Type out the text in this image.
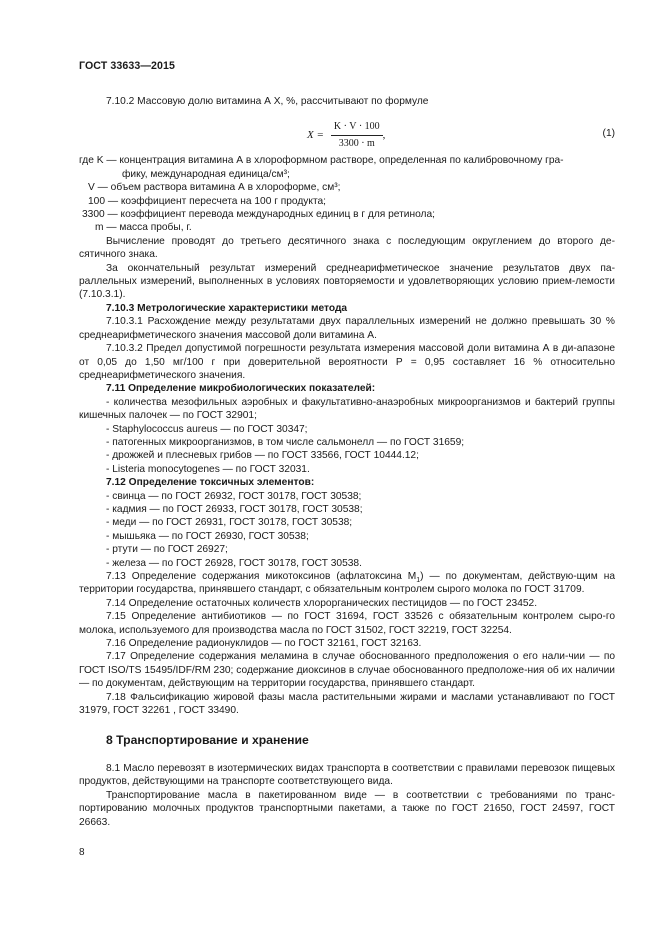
ГОСТ 33633—2015

7.10.2 Массовую долю витамина А X, %, рассчитывают по формуле

$X = \frac{K \cdot V \cdot 100}{3300 \cdot m}$ ,	(1)
где K —
концентрация витамина А в хлороформном растворе, определенная по калибровочному гра-

фику, международная единица/см³;

V —
объем раствора витамина А в хлороформе, см³;
100 —
коэффициент пересчета на 100 г продукта;
3300 —
коэффициент перевода международных единиц в г для ретинола;
m —
масса пробы, г.

Вычисление проводят до третьего десятичного знака с последующим округлением до второго де-сятичного знака.

За окончательный результат измерений среднеарифметическое значение результатов двух па-раллельных измерений, выполненных в условиях повторяемости и удовлетворяющих условию прием-лемости (7.10.3.1).

7.10.3 Метрологические характеристики метода

7.10.3.1 Расхождение между результатами двух параллельных измерений не должно превышать 30 % среднеарифметического значения массовой доли витамина А.

7.10.3.2 Предел допустимой погрешности результата измерения массовой доли витамина А в ди-апазоне от 0,05 до 1,50 мг/100 г при доверительной вероятности Р = 0,95 составляет 16 % относительно среднеарифметического значения.

7.11 Определение микробиологических показателей:

- количества мезофильных аэробных и факультативно-анаэробных микроорганизмов и бактерий группы кишечных палочек — по ГОСТ 32901;

- Staphylococcus aureus — по ГОСТ 30347;

- патогенных микроорганизмов, в том числе сальмонелл — по ГОСТ 31659;

- дрожжей и плесневых грибов — по ГОСТ 33566, ГОСТ 10444.12;

- Listeria monocytogenes — по ГОСТ 32031.

7.12 Определение токсичных элементов:

- свинца — по ГОСТ 26932, ГОСТ 30178, ГОСТ 30538;

- кадмия — по ГОСТ 26933, ГОСТ 30178, ГОСТ 30538;

- меди — по ГОСТ 26931, ГОСТ 30178, ГОСТ 30538;

- мышьяка — по ГОСТ 26930, ГОСТ 30538;

- ртути — по ГОСТ 26927;

- железа — по ГОСТ 26928, ГОСТ 30178, ГОСТ 30538.

7.13 Определение содержания микотоксинов (афлатоксина $М_1$) — по документам, действую-щим на территории государства, принявшего стандарт, с обязательным контролем сырого молока по ГОСТ 31709.

7.14 Определение остаточных количеств хлорорганических пестицидов — по ГОСТ 23452.

7.15 Определение антибиотиков — по ГОСТ 31694, ГОСТ 33526 с обязательным контролем сыро-го молока, используемого для производства масла по ГОСТ 31502, ГОСТ 32219, ГОСТ 32254.

7.16 Определение радионуклидов — по ГОСТ 32161, ГОСТ 32163.

7.17 Определение содержания меламина в случае обоснованного предположения о его нали-чии — по ГОСТ ISO/TS 15495/IDF/RM 230; содержание диоксинов в случае обоснованного предположе-ния об их наличии — по документам, действующим на территории государства, принявшего стандарт.

7.18 Фальсификацию жировой фазы масла растительными жирами и маслами устанавливают по ГОСТ 31979, ГОСТ 32261 , ГОСТ 33490.

8 Транспортирование и хранение

8.1 Масло перевозят в изотермических видах транспорта в соответствии с правилами перевозок пищевых продуктов, действующими на транспорте соответствующего вида.

Транспортирование масла в пакетированном виде — в соответствии с требованиями по транс-портированию молочных продуктов транспортными пакетами, а также по ГОСТ 21650, ГОСТ 24597, ГОСТ 26663.

8
